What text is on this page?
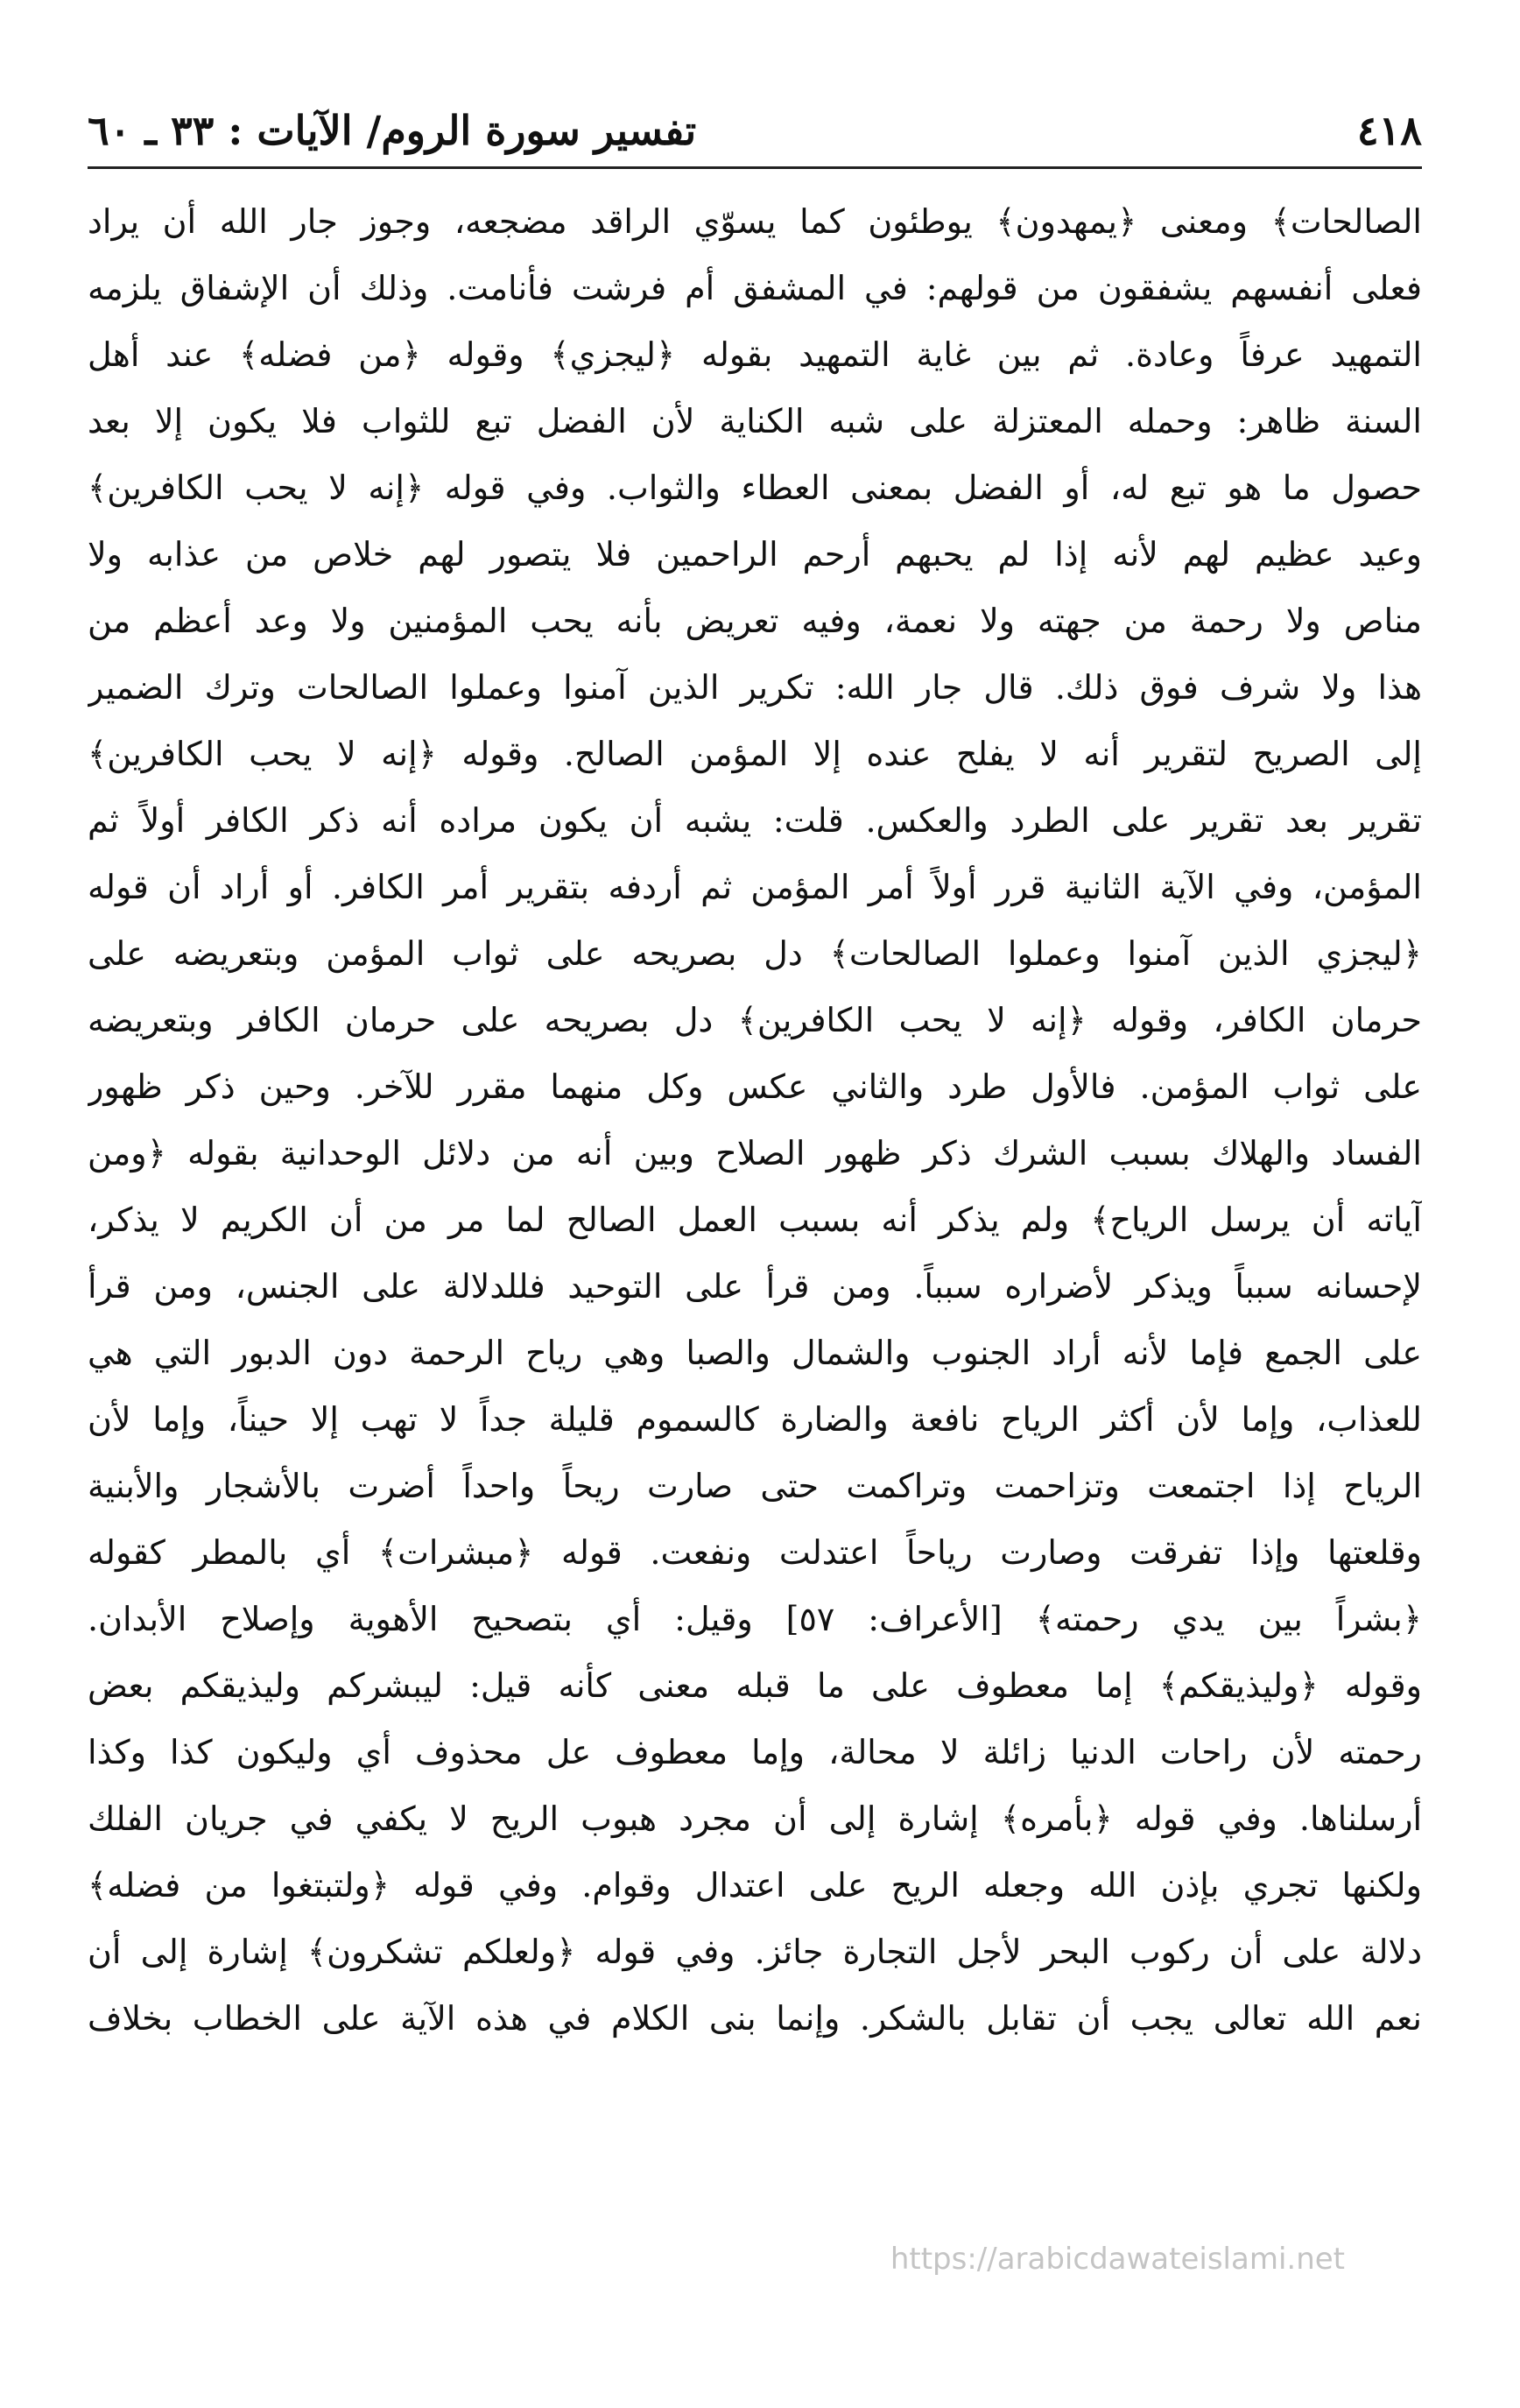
٤١٨
تفسير سورة الروم/ الآيات : ٣٣ ـ ٦٠
الصالحات﴾ ومعنى ﴿يمهدون﴾ يوطئون كما يسوّي الراقد مضجعه، وجوز جار الله أن يراد
فعلى أنفسهم يشفقون من قولهم: في المشفق أم فرشت فأنامت. وذلك أن الإشفاق يلزمه
التمهيد عرفاً وعادة. ثم بين غاية التمهيد بقوله ﴿ليجزي﴾ وقوله ﴿من فضله﴾ عند أهل
السنة ظاهر: وحمله المعتزلة على شبه الكناية لأن الفضل تبع للثواب فلا يكون إلا بعد
حصول ما هو تبع له، أو الفضل بمعنى العطاء والثواب. وفي قوله ﴿إنه لا يحب الكافرين﴾
وعيد عظيم لهم لأنه إذا لم يحبهم أرحم الراحمين فلا يتصور لهم خلاص من عذابه ولا
مناص ولا رحمة من جهته ولا نعمة، وفيه تعريض بأنه يحب المؤمنين ولا وعد أعظم من
هذا ولا شرف فوق ذلك. قال جار الله: تكرير الذين آمنوا وعملوا الصالحات وترك الضمير
إلى الصريح لتقرير أنه لا يفلح عنده إلا المؤمن الصالح. وقوله ﴿إنه لا يحب الكافرين﴾
تقرير بعد تقرير على الطرد والعكس. قلت: يشبه أن يكون مراده أنه ذكر الكافر أولاً ثم
المؤمن، وفي الآية الثانية قرر أولاً أمر المؤمن ثم أردفه بتقرير أمر الكافر. أو أراد أن قوله
﴿ليجزي الذين آمنوا وعملوا الصالحات﴾ دل بصريحه على ثواب المؤمن وبتعريضه على
حرمان الكافر، وقوله ﴿إنه لا يحب الكافرين﴾ دل بصريحه على حرمان الكافر وبتعريضه
على ثواب المؤمن. فالأول طرد والثاني عكس وكل منهما مقرر للآخر. وحين ذكر ظهور
الفساد والهلاك بسبب الشرك ذكر ظهور الصلاح وبين أنه من دلائل الوحدانية بقوله ﴿ومن
آياته أن يرسل الرياح﴾ ولم يذكر أنه بسبب العمل الصالح لما مر من أن الكريم لا يذكر،
لإحسانه سبباً ويذكر لأضراره سبباً. ومن قرأ على التوحيد فللدلالة على الجنس، ومن قرأ
على الجمع فإما لأنه أراد الجنوب والشمال والصبا وهي رياح الرحمة دون الدبور التي هي
للعذاب، وإما لأن أكثر الرياح نافعة والضارة كالسموم قليلة جداً لا تهب إلا حيناً، وإما لأن
الرياح إذا اجتمعت وتزاحمت وتراكمت حتى صارت ريحاً واحداً أضرت بالأشجار والأبنية
وقلعتها وإذا تفرقت وصارت رياحاً اعتدلت ونفعت. قوله ﴿مبشرات﴾ أي بالمطر كقوله
﴿بشراً بين يدي رحمته﴾ [الأعراف: ٥٧] وقيل: أي بتصحيح الأهوية وإصلاح الأبدان.
وقوله ﴿وليذيقكم﴾ إما معطوف على ما قبله معنى كأنه قيل: ليبشركم وليذيقكم بعض
رحمته لأن راحات الدنيا زائلة لا محالة، وإما معطوف عل محذوف أي وليكون كذا وكذا
أرسلناها. وفي قوله ﴿بأمره﴾ إشارة إلى أن مجرد هبوب الريح لا يكفي في جريان الفلك
ولكنها تجري بإذن الله وجعله الريح على اعتدال وقوام. وفي قوله ﴿ولتبتغوا من فضله﴾
دلالة على أن ركوب البحر لأجل التجارة جائز. وفي قوله ﴿ولعلكم تشكرون﴾ إشارة إلى أن
نعم الله تعالى يجب أن تقابل بالشكر. وإنما بنى الكلام في هذه الآية على الخطاب بخلاف
https://arabicdawateislami.net
